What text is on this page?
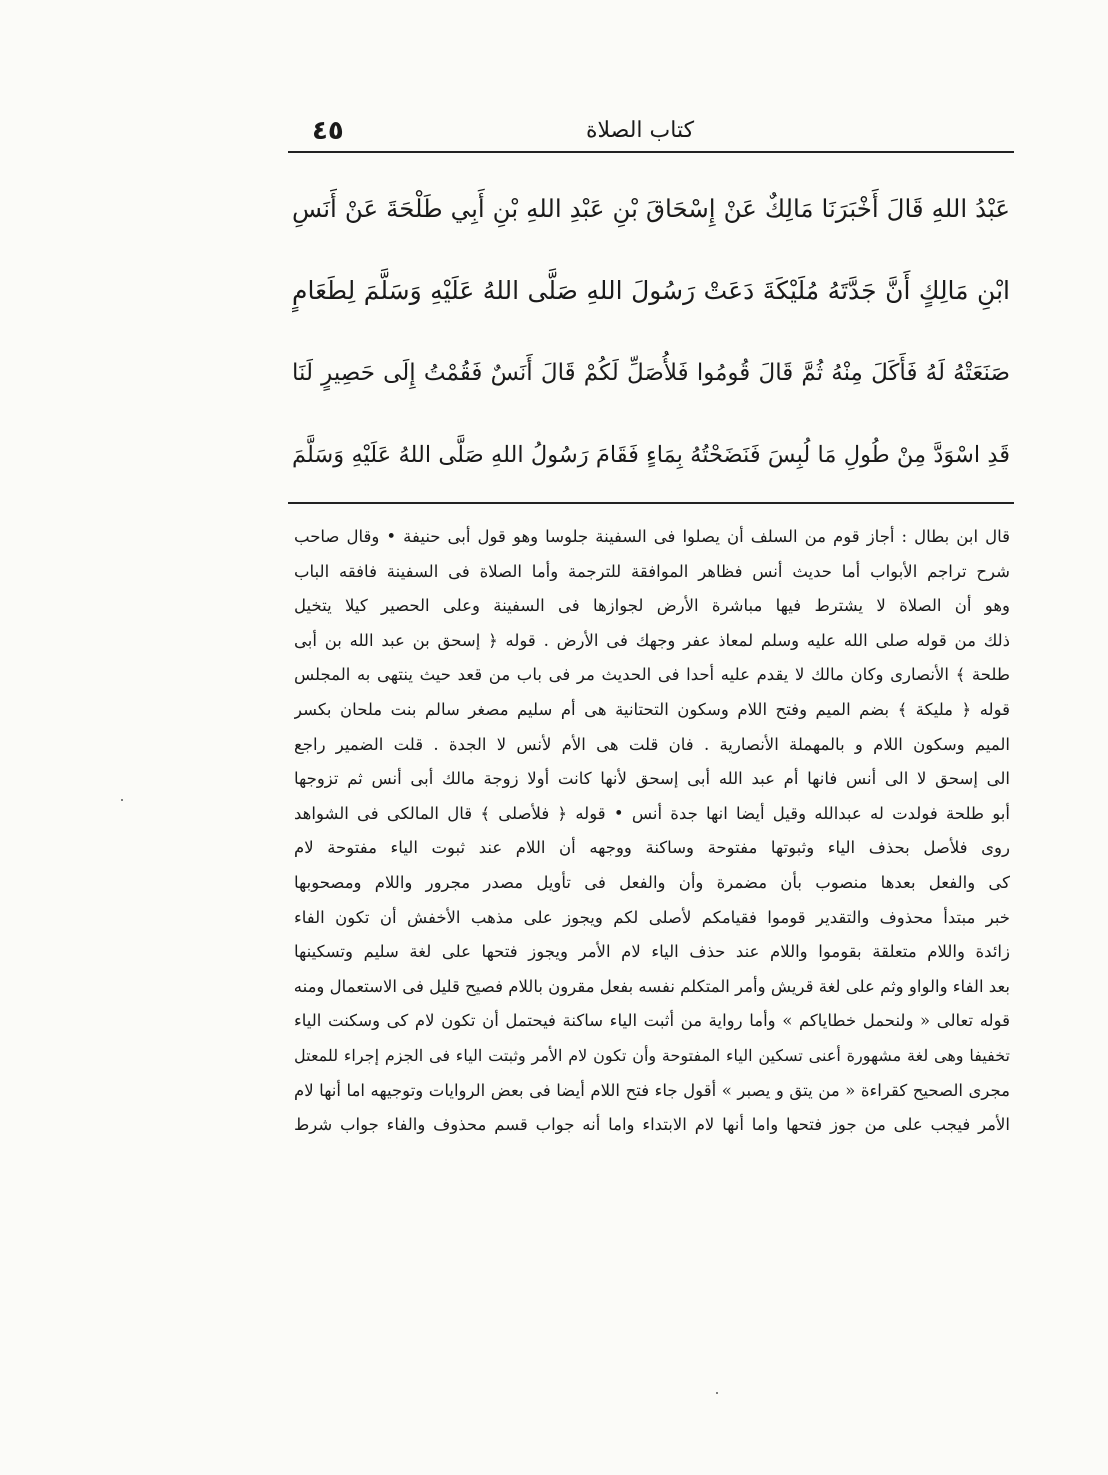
٤٥	كتاب الصلاة
عَبْدُ اللهِ قَالَ أَخْبَرَنَا مَالِكٌ عَنْ إِسْحَاقَ بْنِ عَبْدِ اللهِ بْنِ أَبِي طَلْحَةَ عَنْ أَنَسِ
ابْنِ مَالِكٍ أَنَّ جَدَّتَهُ مُلَيْكَةَ دَعَتْ رَسُولَ اللهِ صَلَّى اللهُ عَلَيْهِ وَسَلَّمَ لِطَعَامٍ
صَنَعَتْهُ لَهُ فَأَكَلَ مِنْهُ ثُمَّ قَالَ قُومُوا فَلأُصَلِّ لَكُمْ قَالَ أَنَسٌ فَقُمْتُ إِلَى حَصِيرٍ لَنَا
قَدِ اسْوَدَّ مِنْ طُولِ مَا لُبِسَ فَنَضَحْتُهُ بِمَاءٍ فَقَامَ رَسُولُ اللهِ صَلَّى اللهُ عَلَيْهِ وَسَلَّمَ
قال ابن بطال : أجاز قوم من السلف أن يصلوا فى السفينة جلوسا وهو قول أبى حنيفة • وقال صاحب
شرح تراجم الأبواب أما حديث أنس فظاهر الموافقة للترجمة وأما الصلاة فى السفينة فافقه الباب
وهو أن الصلاة لا يشترط فيها مباشرة الأرض لجوازها فى السفينة وعلى الحصير كيلا يتخيل
ذلك من قوله صلى الله عليه وسلم لمعاذ عفر وجهك فى الأرض . قوله ﴿ إسحق بن عبد الله بن أبى
طلحة ﴾ الأنصارى وكان مالك لا يقدم عليه أحدا فى الحديث مر فى باب من قعد حيث ينتهى به المجلس
قوله ﴿ مليكة ﴾ بضم الميم وفتح اللام وسكون التحتانية هى أم سليم مصغر سالم بنت ملحان بكسر
الميم وسكون اللام و بالمهملة الأنصارية . فان قلت هى الأم لأنس لا الجدة . قلت الضمير راجع
الى إسحق لا الى أنس فانها أم عبد الله أبى إسحق لأنها كانت أولا زوجة مالك أبى أنس ثم تزوجها
أبو طلحة فولدت له عبدالله وقيل أيضا انها جدة أنس • قوله ﴿ فلأصلى ﴾ قال المالكى فى الشواهد
روى فلأصل بحذف الياء وثبوتها مفتوحة وساكنة ووجهه أن اللام عند ثبوت الياء مفتوحة لام
كى والفعل بعدها منصوب بأن مضمرة وأن والفعل فى تأويل مصدر مجرور واللام ومصحوبها
خبر مبتدأ محذوف والتقدير قوموا فقيامكم لأصلى لكم ويجوز على مذهب الأخفش أن تكون الفاء
زائدة واللام متعلقة بقوموا واللام عند حذف الياء لام الأمر ويجوز فتحها على لغة سليم وتسكينها
بعد الفاء والواو وثم على لغة قريش وأمر المتكلم نفسه بفعل مقرون باللام فصيح قليل فى الاستعمال ومنه
قوله تعالى « ولنحمل خطاياكم » وأما رواية من أثبت الياء ساكنة فيحتمل أن تكون لام كى وسكنت الياء
تخفيفا وهى لغة مشهورة أعنى تسكين الياء المفتوحة وأن تكون لام الأمر وثبتت الياء فى الجزم إجراء للمعتل
مجرى الصحيح كقراءة « من يتق و يصبر » أقول جاء فتح اللام أيضا فى بعض الروايات وتوجيهه اما أنها لام
الأمر فيجب على من جوز فتحها واما أنها لام الابتداء واما أنه جواب قسم محذوف والفاء جواب شرط
